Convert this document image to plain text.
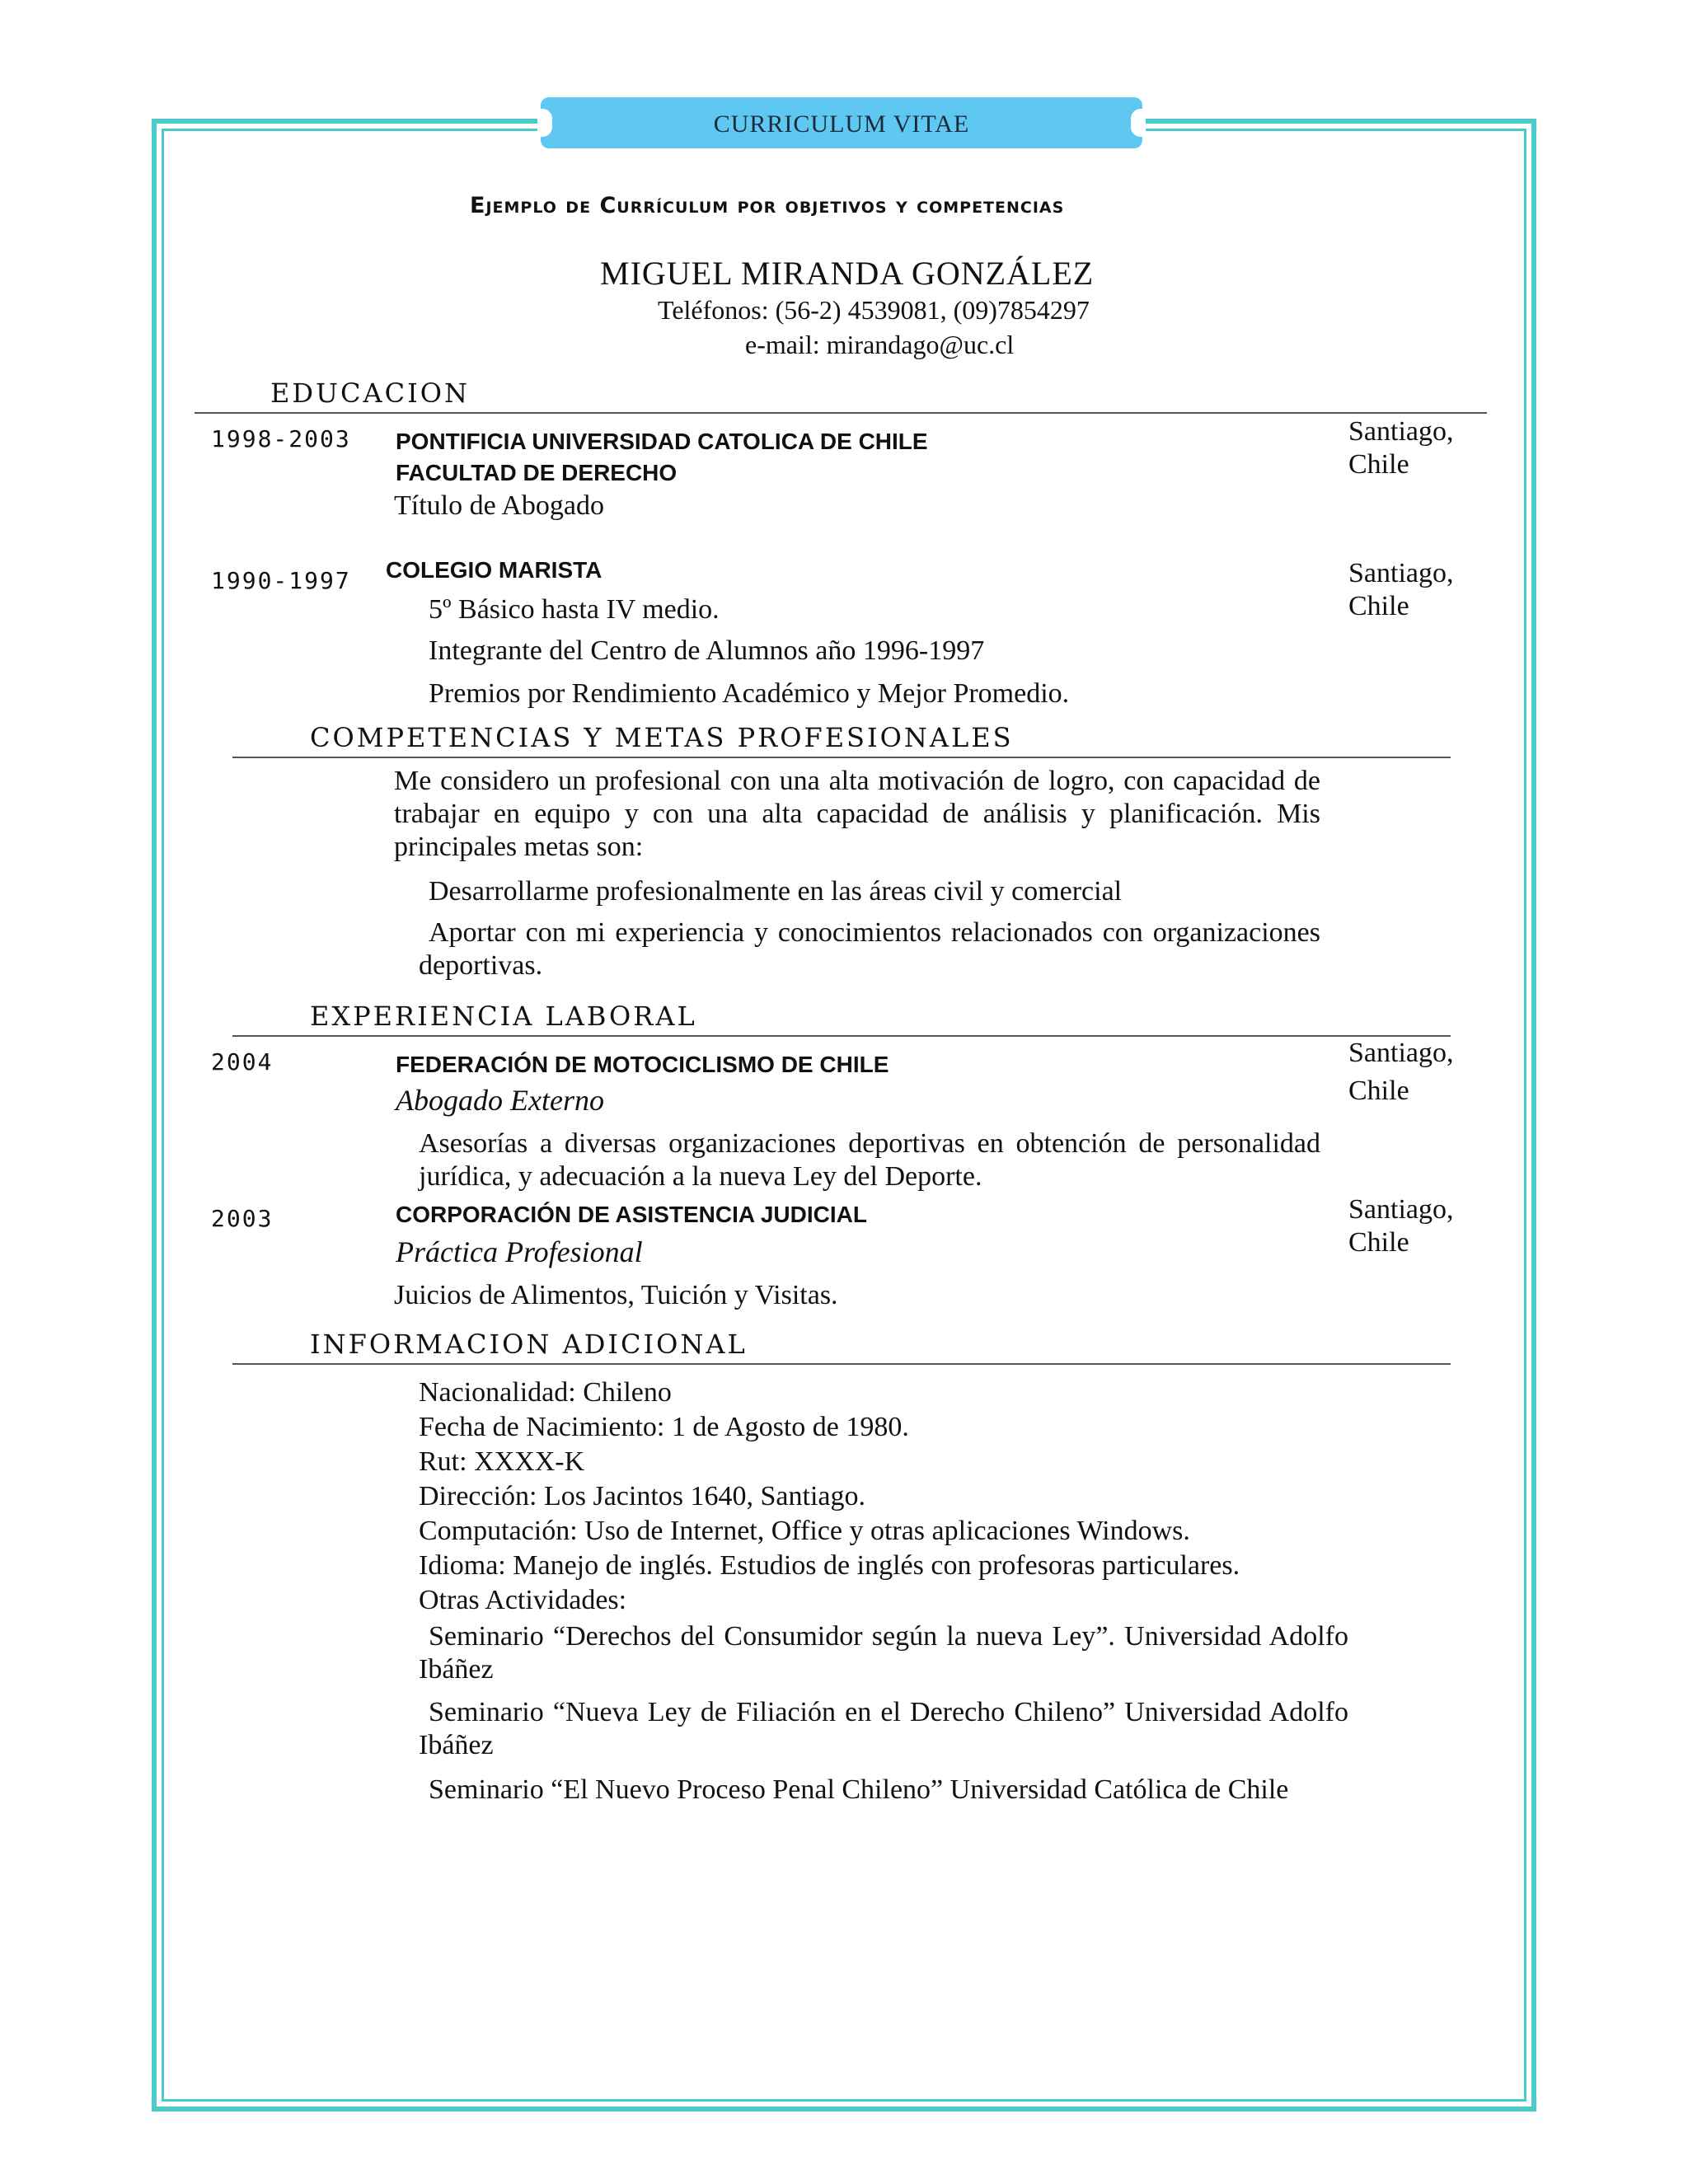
CURRICULUM VITAE
Ejemplo de Currículum por objetivos y competencias
MIGUEL MIRANDA GONZÁLEZ
Teléfonos: (56-2) 4539081, (09)7854297
e-mail: mirandago@uc.cl
EDUCACION
1998-2003 PONTIFICIA UNIVERSIDAD CATOLICA DE CHILE
FACULTAD DE DERECHO
Título de Abogado
Santiago,
Chile
1990-1997 COLEGIO MARISTA
5º Básico hasta IV medio.
Integrante del Centro de Alumnos año 1996-1997
Premios por Rendimiento Académico y Mejor Promedio.
Santiago,
Chile
COMPETENCIAS Y METAS PROFESIONALES
Me considero un profesional con una alta motivación de logro, con capacidad de trabajar en equipo y con una alta capacidad de análisis y planificación. Mis principales metas son:
Desarrollarme profesionalmente en las áreas civil y comercial
Aportar con mi experiencia y conocimientos relacionados con organizaciones deportivas.
EXPERIENCIA LABORAL
2004	FEDERACIÓN DE MOTOCICLISMO DE CHILE
Abogado Externo
Asesorías a diversas organizaciones deportivas en obtención de personalidad jurídica, y adecuación a la nueva Ley del Deporte.
Santiago,
Chile
2003	CORPORACIÓN DE ASISTENCIA JUDICIAL
Práctica Profesional
Juicios de Alimentos, Tuición y Visitas.
Santiago,
Chile
INFORMACION ADICIONAL
Nacionalidad: Chileno
Fecha de Nacimiento: 1 de Agosto de 1980.
Rut: XXXX-K
Dirección: Los Jacintos 1640, Santiago.
Computación: Uso de Internet, Office y otras aplicaciones Windows.
Idioma: Manejo de inglés. Estudios de inglés con profesoras particulares.
Otras Actividades:
Seminario “Derechos del Consumidor según la nueva Ley”. Universidad Adolfo Ibáñez
Seminario “Nueva Ley de Filiación en el Derecho Chileno” Universidad Adolfo Ibáñez
Seminario “El Nuevo Proceso Penal Chileno” Universidad Católica de Chile
